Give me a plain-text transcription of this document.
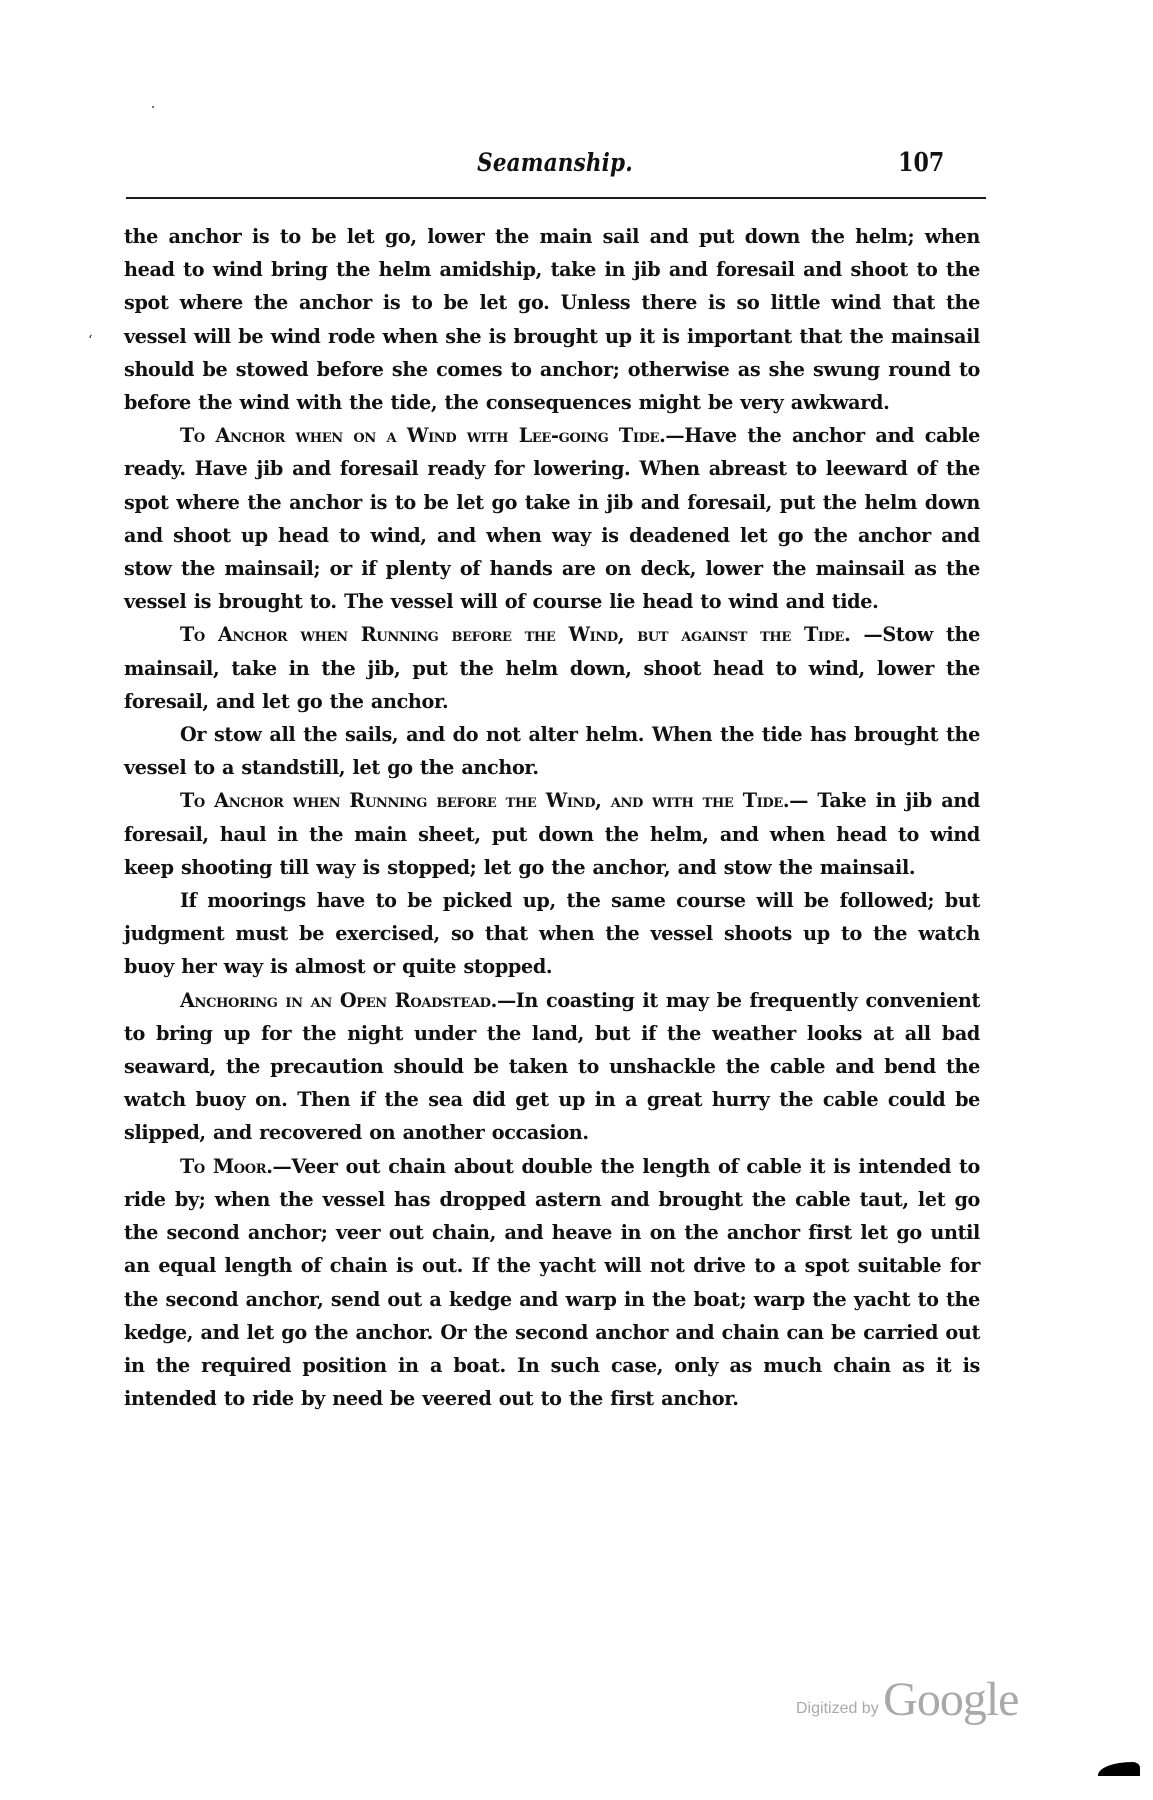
Seamanship.	107
‘

the anchor is to be let go, lower the main sail and put down the helm; when head to wind bring the helm amidship, take in jib and foresail and shoot to the spot where the anchor is to be let go. Unless there is so little wind that the vessel will be wind rode when she is brought up it is important that the mainsail should be stowed before she comes to anchor; otherwise as she swung round to before the wind with the tide, the consequences might be very awkward.

To Anchor when on a Wind with Lee-going Tide.—Have the anchor and cable ready. Have jib and foresail ready for lowering. When abreast to leeward of the spot where the anchor is to be let go take in jib and foresail, put the helm down and shoot up head to wind, and when way is deadened let go the anchor and stow the mainsail; or if plenty of hands are on deck, lower the mainsail as the vessel is brought to. The vessel will of course lie head to wind and tide.

To Anchor when Running before the Wind, but against the Tide. —Stow the mainsail, take in the jib, put the helm down, shoot head to wind, lower the foresail, and let go the anchor.

Or stow all the sails, and do not alter helm. When the tide has brought the vessel to a standstill, let go the anchor.

To Anchor when Running before the Wind, and with the Tide.— Take in jib and foresail, haul in the main sheet, put down the helm, and when head to wind keep shooting till way is stopped; let go the anchor, and stow the mainsail.

If moorings have to be picked up, the same course will be followed; but judgment must be exercised, so that when the vessel shoots up to the watch buoy her way is almost or quite stopped.

Anchoring in an Open Roadstead.—In coasting it may be frequently convenient to bring up for the night under the land, but if the weather looks at all bad seaward, the precaution should be taken to unshackle the cable and bend the watch buoy on. Then if the sea did get up in a great hurry the cable could be slipped, and recovered on another occasion.

To Moor.—Veer out chain about double the length of cable it is intended to ride by; when the vessel has dropped astern and brought the cable taut, let go the second anchor; veer out chain, and heave in on the anchor first let go until an equal length of chain is out. If the yacht will not drive to a spot suitable for the second anchor, send out a kedge and warp in the boat; warp the yacht to the kedge, and let go the anchor. Or the second anchor and chain can be carried out in the required position in a boat. In such case, only as much chain as it is intended to ride by need be veered out to the first anchor.

Digitized by Google
